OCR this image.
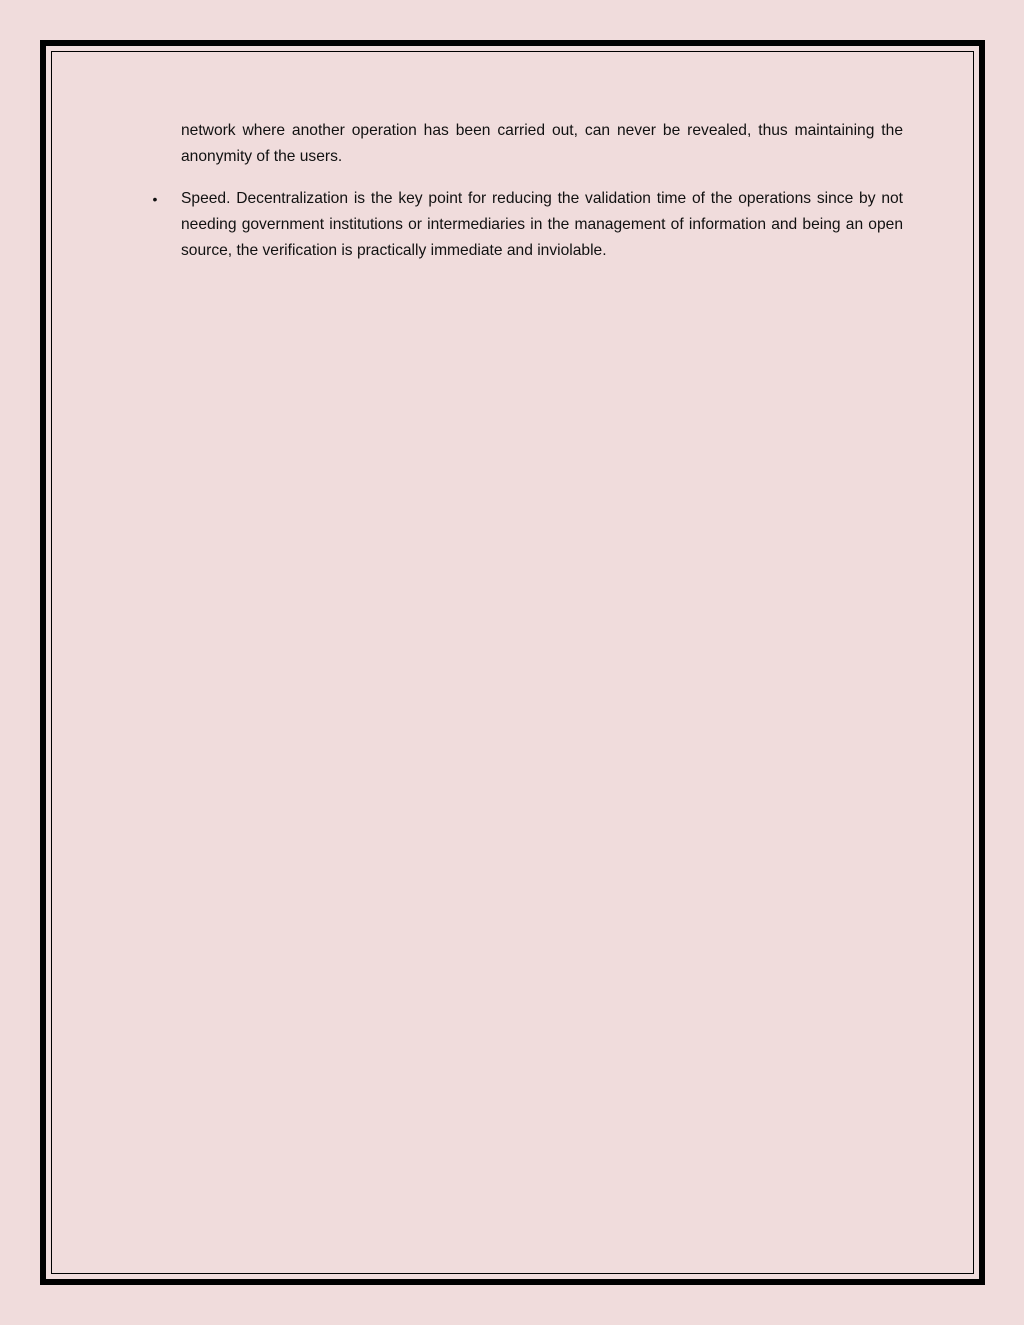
network where another operation has been carried out, can never be revealed, thus maintaining the anonymity of the users.

• Speed. Decentralization is the key point for reducing the validation time of the operations since by not needing government institutions or intermediaries in the management of information and being an open source, the verification is practically immediate and inviolable.
